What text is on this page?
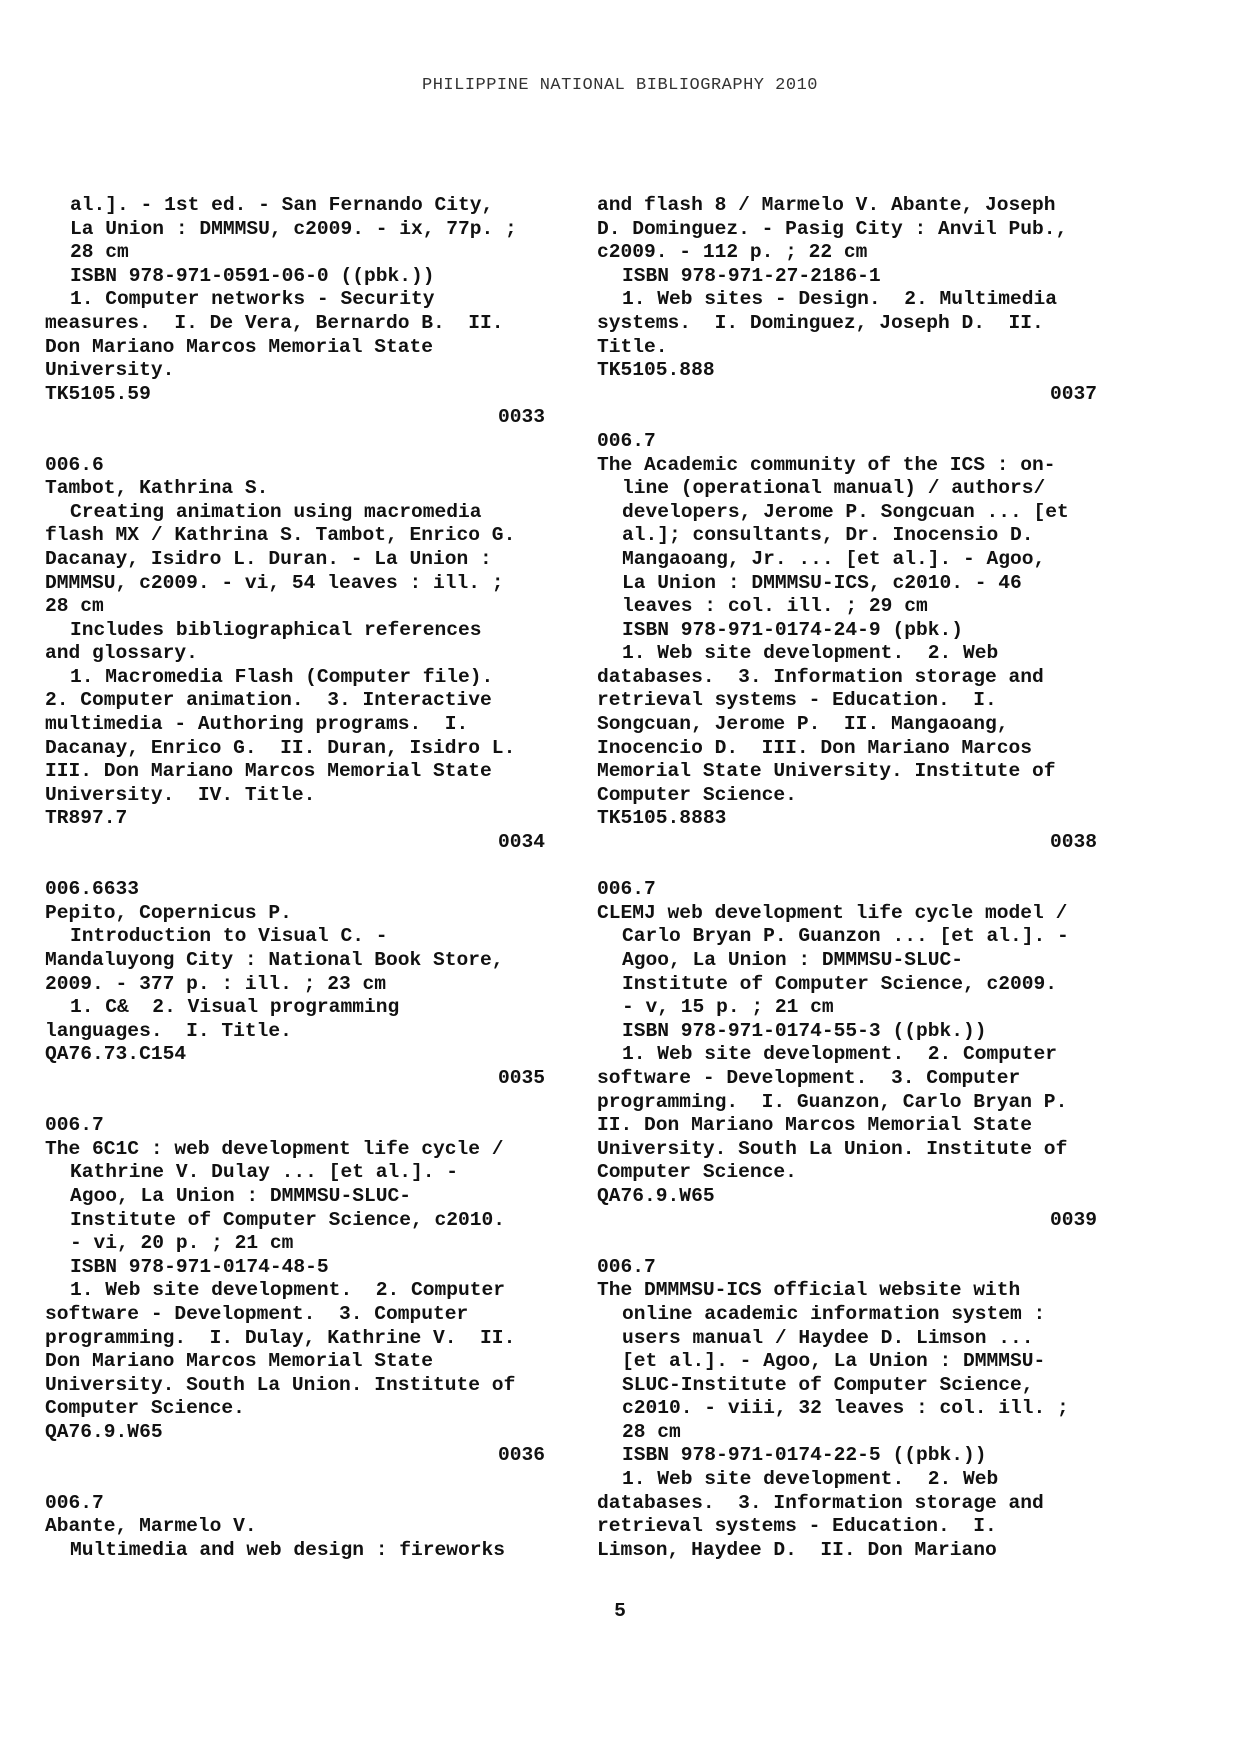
PHILIPPINE NATIONAL BIBLIOGRAPHY 2010
al.]. - 1st ed. - San Fernando City,
La Union : DMMMSU, c2009. - ix, 77p. ;
28 cm
ISBN 978-971-0591-06-0 ((pbk.))
1. Computer networks - Security
measures.  I. De Vera, Bernardo B.  II.
Don Mariano Marcos Memorial State
University.
TK5105.59
0033
006.6
Tambot, Kathrina S.
Creating animation using macromedia
flash MX / Kathrina S. Tambot, Enrico G.
Dacanay, Isidro L. Duran. - La Union :
DMMMSU, c2009. - vi, 54 leaves : ill. ;
28 cm
Includes bibliographical references
and glossary.
1. Macromedia Flash (Computer file).
2. Computer animation.  3. Interactive
multimedia - Authoring programs.  I.
Dacanay, Enrico G.  II. Duran, Isidro L.
III. Don Mariano Marcos Memorial State
University.  IV. Title.
TR897.7
0034
006.6633
Pepito, Copernicus P.
Introduction to Visual C. -
Mandaluyong City : National Book Store,
2009. - 377 p. : ill. ; 23 cm
1. C&  2. Visual programming
languages.  I. Title.
QA76.73.C154
0035
006.7
The 6C1C : web development life cycle /
Kathrine V. Dulay ... [et al.]. -
Agoo, La Union : DMMMSU-SLUC-
Institute of Computer Science, c2010.
- vi, 20 p. ; 21 cm
ISBN 978-971-0174-48-5
1. Web site development.  2. Computer
software - Development.  3. Computer
programming.  I. Dulay, Kathrine V.  II.
Don Mariano Marcos Memorial State
University. South La Union. Institute of
Computer Science.
QA76.9.W65
0036
006.7
Abante, Marmelo V.
Multimedia and web design : fireworks
and flash 8 / Marmelo V. Abante, Joseph
D. Dominguez. - Pasig City : Anvil Pub.,
c2009. - 112 p. ; 22 cm
ISBN 978-971-27-2186-1
1. Web sites - Design.  2. Multimedia
systems.  I. Dominguez, Joseph D.  II.
Title.
TK5105.888
0037
006.7
The Academic community of the ICS : on-
line (operational manual) / authors/
developers, Jerome P. Songcuan ... [et
al.]; consultants, Dr. Inocensio D.
Mangaoang, Jr. ... [et al.]. - Agoo,
La Union : DMMMSU-ICS, c2010. - 46
leaves : col. ill. ; 29 cm
ISBN 978-971-0174-24-9 (pbk.)
1. Web site development.  2. Web
databases.  3. Information storage and
retrieval systems - Education.  I.
Songcuan, Jerome P.  II. Mangaoang,
Inocencio D.  III. Don Mariano Marcos
Memorial State University. Institute of
Computer Science.
TK5105.8883
0038
006.7
CLEMJ web development life cycle model /
Carlo Bryan P. Guanzon ... [et al.]. -
Agoo, La Union : DMMMSU-SLUC-
Institute of Computer Science, c2009.
- v, 15 p. ; 21 cm
ISBN 978-971-0174-55-3 ((pbk.))
1. Web site development.  2. Computer
software - Development.  3. Computer
programming.  I. Guanzon, Carlo Bryan P.
II. Don Mariano Marcos Memorial State
University. South La Union. Institute of
Computer Science.
QA76.9.W65
0039
006.7
The DMMMSU-ICS official website with
online academic information system :
users manual / Haydee D. Limson ...
[et al.]. - Agoo, La Union : DMMMSU-
SLUC-Institute of Computer Science,
c2010. - viii, 32 leaves : col. ill. ;
28 cm
ISBN 978-971-0174-22-5 ((pbk.))
1. Web site development.  2. Web
databases.  3. Information storage and
retrieval systems - Education.  I.
Limson, Haydee D.  II. Don Mariano
5
